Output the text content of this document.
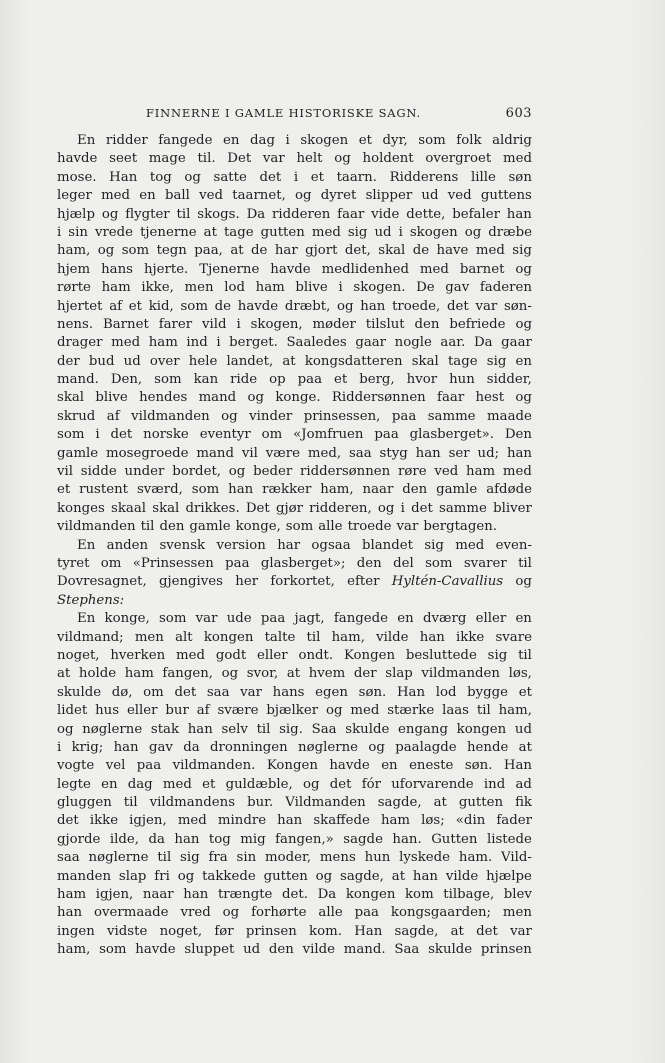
FINNERNE I GAMLE HISTORISKE SAGN.	603
En ridder fangede en dag i skogen et dyr, som folk aldrig
havde seet mage til. Det var helt og holdent overgroet med
mose. Han tog og satte det i et taarn. Ridderens lille søn
leger med en ball ved taarnet, og dyret slipper ud ved guttens
hjælp og flygter til skogs. Da ridderen faar vide dette, befaler han
i sin vrede tjenerne at tage gutten med sig ud i skogen og dræbe
ham, og som tegn paa, at de har gjort det, skal de have med sig
hjem hans hjerte. Tjenerne havde medlidenhed med barnet og
rørte ham ikke, men lod ham blive i skogen. De gav faderen
hjertet af et kid, som de havde dræbt, og han troede, det var søn-
nens. Barnet farer vild i skogen, møder tilslut den befriede og
drager med ham ind i berget. Saaledes gaar nogle aar. Da gaar
der bud ud over hele landet, at kongsdatteren skal tage sig en
mand. Den, som kan ride op paa et berg, hvor hun sidder,
skal blive hendes mand og konge. Riddersønnen faar hest og
skrud af vildmanden og vinder prinsessen, paa samme maade
som i det norske eventyr om «Jomfruen paa glasberget». Den
gamle mosegroede mand vil være med, saa styg han ser ud; han
vil sidde under bordet, og beder riddersønnen røre ved ham med
et rustent sværd, som han rækker ham, naar den gamle afdøde
konges skaal skal drikkes. Det gjør ridderen, og i det samme bliver
vildmanden til den gamle konge, som alle troede var bergtagen.
En anden svensk version har ogsaa blandet sig med even-
tyret om «Prinsessen paa glasberget»; den del som svarer til
Dovresagnet, gjengives her forkortet, efter Hyltén-Cavallius og
Stephens:
En konge, som var ude paa jagt, fangede en dværg eller en
vildmand; men alt kongen talte til ham, vilde han ikke svare
noget, hverken med godt eller ondt. Kongen besluttede sig til
at holde ham fangen, og svor, at hvem der slap vildmanden løs,
skulde dø, om det saa var hans egen søn. Han lod bygge et
lidet hus eller bur af svære bjælker og med stærke laas til ham,
og nøglerne stak han selv til sig. Saa skulde engang kongen ud
i krig; han gav da dronningen nøglerne og paalagde hende at
vogte vel paa vildmanden. Kongen havde en eneste søn. Han
legte en dag med et guldæble, og det fór uforvarende ind ad
gluggen til vildmandens bur. Vildmanden sagde, at gutten fik
det ikke igjen, med mindre han skaffede ham løs; «din fader
gjorde ilde, da han tog mig fangen,» sagde han. Gutten listede
saa nøglerne til sig fra sin moder, mens hun lyskede ham. Vild-
manden slap fri og takkede gutten og sagde, at han vilde hjælpe
ham igjen, naar han trængte det. Da kongen kom tilbage, blev
han overmaade vred og forhørte alle paa kongsgaarden; men
ingen vidste noget, før prinsen kom. Han sagde, at det var
ham, som havde sluppet ud den vilde mand. Saa skulde prinsen
